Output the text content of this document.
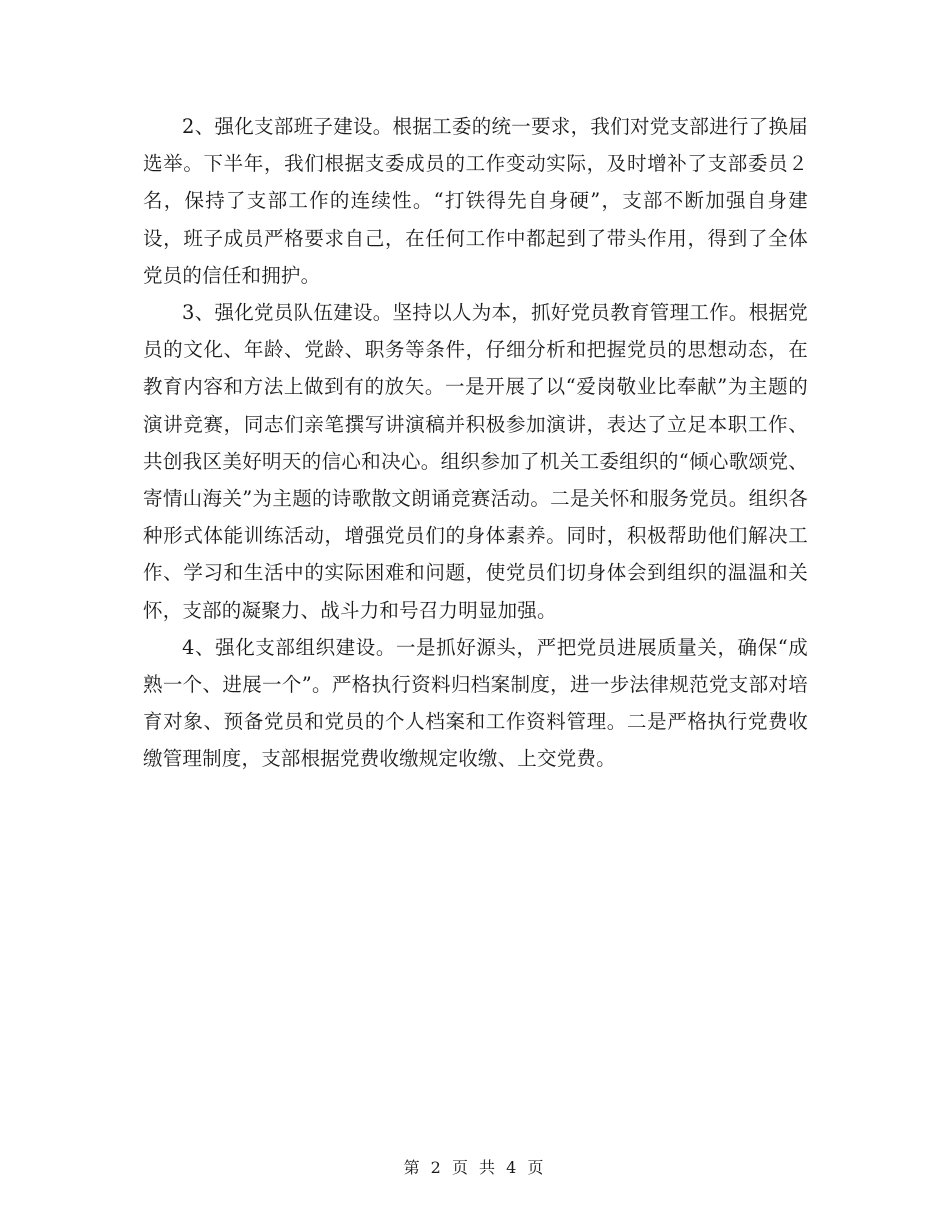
2、强化支部班子建设。根据工委的统一要求，我们对党支部进行了换届选举。下半年，我们根据支委成员的工作变动实际，及时增补了支部委员２名，保持了支部工作的连续性。“打铁得先自身硬”，支部不断加强自身建设，班子成员严格要求自己，在任何工作中都起到了带头作用，得到了全体党员的信任和拥护。

3、强化党员队伍建设。坚持以人为本，抓好党员教育管理工作。根据党员的文化、年龄、党龄、职务等条件，仔细分析和把握党员的思想动态，在教育内容和方法上做到有的放矢。一是开展了以“爱岗敬业比奉献”为主题的演讲竞赛，同志们亲笔撰写讲演稿并积极参加演讲，表达了立足本职工作、共创我区美好明天的信心和决心。组织参加了机关工委组织的“倾心歌颂党、寄情山海关”为主题的诗歌散文朗诵竞赛活动。二是关怀和服务党员。组织各种形式体能训练活动，增强党员们的身体素养。同时，积极帮助他们解决工作、学习和生活中的实际困难和问题，使党员们切身体会到组织的温温和关怀，支部的凝聚力、战斗力和号召力明显加强。

4、强化支部组织建设。一是抓好源头，严把党员进展质量关，确保“成熟一个、进展一个”。严格执行资料归档案制度，进一步法律规范党支部对培育对象、预备党员和党员的个人档案和工作资料管理。二是严格执行党费收缴管理制度，支部根据党费收缴规定收缴、上交党费。

第 2 页 共 4 页
